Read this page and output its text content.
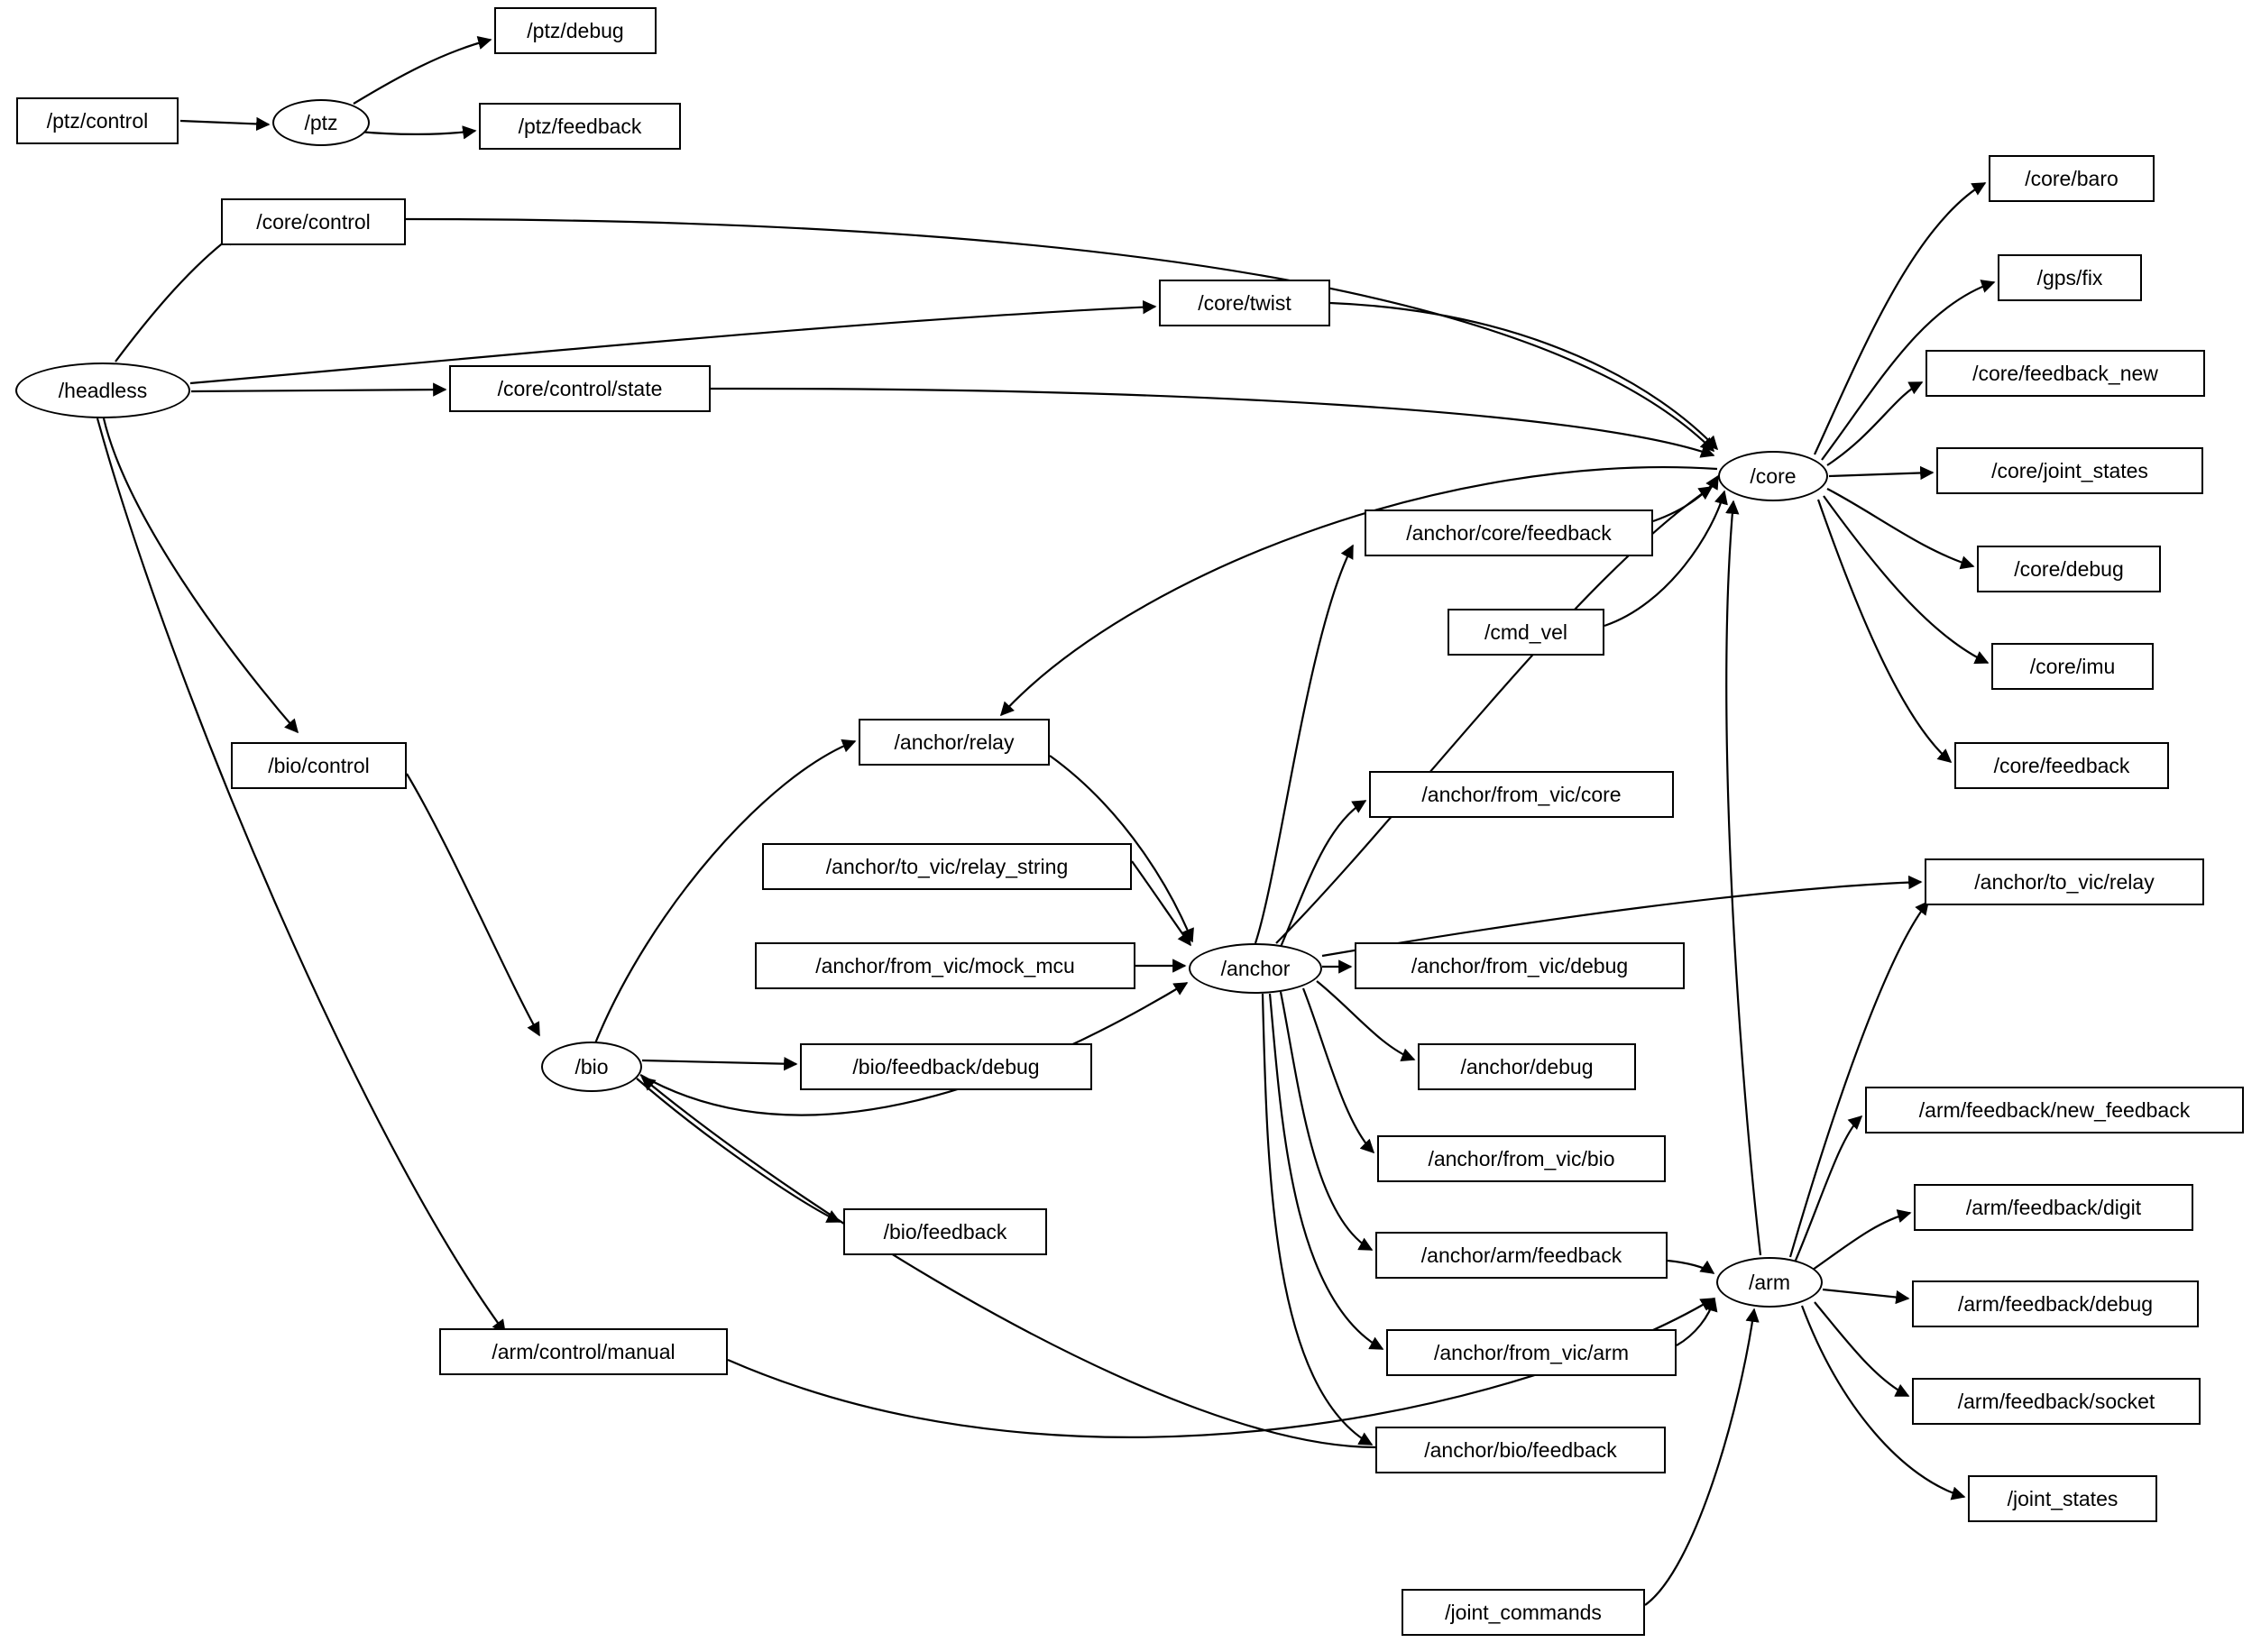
/ptz/control	/ptz
/ptz/debug
/ptz/feedback
/core/control
/headless
/core/twist
/core/control/state
/core
/core/baro
/gps/fix
/core/feedback_new
/core/joint_states
/core/debug
/core/imu
/core/feedback
/anchor/core/feedback
/cmd_vel
/anchor/relay
/anchor/from_vic/core
/anchor/to_vic/relay_string
/anchor/to_vic/relay
/anchor/from_vic/mock_mcu	/anchor	/anchor/from_vic/debug
/bio/control
/bio	/bio/feedback/debug	/anchor/debug
/anchor/from_vic/bio
/bio/feedback
/anchor/arm/feedback
/anchor/from_vic/arm
/arm
/arm/feedback/new_feedback
/arm/feedback/digit
/arm/feedback/debug
/arm/feedback/socket
/joint_states
/anchor/bio/feedback
/arm/control/manual
/joint_commands
